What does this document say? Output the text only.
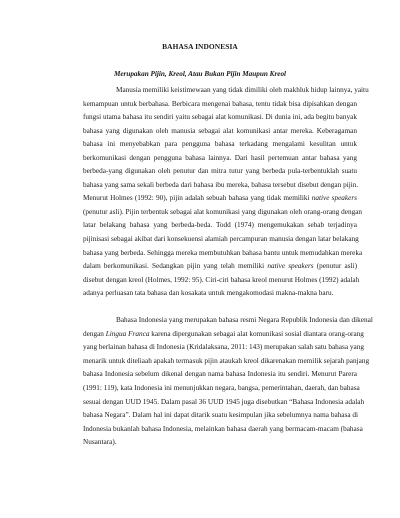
BAHASA INDONESIA
Merupakan Pijin, Kreol, Atau Bukan Pijin Maupun Kreol

Manusia memiliki keistimewaan yang tidak dimiliki oleh makhluk hidup lainnya, yaitu
kemampuan untuk berbahasa. Berbicara mengenai bahasa, tentu tidak bisa dipisahkan dengan
fungsi utama bahasa itu sendiri yaitu sebagai alat komunikasi. Di dunia ini, ada begitu banyak
bahasa yang digunakan oleh manusia sebagai alat komunikasi antar mereka. Keberagaman
bahasa ini menyebabkan para pengguna bahasa terkadang mengalami kesulitan untuk
berkomunikasi dengan pengguna bahasa lainnya. Dari hasil pertemuan antar bahasa yang
berbeda-yang digunakan oleh penutur dan mitra tutur yang berbeda pula-terbentuklah suatu
bahasa yang sama sekali berbeda dari bahasa ibu mereka, bahasa tersebut disebut dengan pijin.
Menurut Holmes (1992: 90), pijin adalah sebuah bahasa yang tidak memiliki native speakers
(penutur asli). Pijin terbentuk sebagai alat komunikasi yang digunakan oleh orang-orang dengan
latar belakang bahasa yang berbeda-beda. Todd (1974) mengemukakan sebab terjadinya
pijinisasi sebagai akibat dari konsekuensi alamiah percampuran manusia dengan latar belakang
bahasa yang berbeda. Sehingga mereka membutuhkan bahasa bantu untuk memudahkan mereka
dalam berkomunikasi. Sedangkan pijin yang telah memiliki native speakers (penutur asli)
disebut dengan kreol (Holmes, 1992: 95). Ciri-ciri bahasa kreol menurut Holmes (1992) adalah
adanya perluasan tata bahasa dan kosakata untuk mengakomodasi makna-makna baru.

Bahasa Indonesia yang merupakan bahasa resmi Negara Republik Indonesia dan dikenal
dengan Lingua Franca karena dipergunakan sebagai alat komunikasi sosial diantara orang-orang
yang berlainan bahasa di Indonesia (Kridalaksana, 2011: 143) merupakan salah satu bahasa yang
menarik untuk diteliaah apakah termasuk pijin ataukah kreol dikarenakan memilik sejarah panjang
bahasa Indonesia sebelum dikenal dengan nama bahasa Indonesia itu sendiri. Menurut Parera
(1991: 119), kata Indonesia ini menunjukkan negara, bangsa, pemerintahan, daerah, dan bahasa
sesuai dengan UUD 1945. Dalam pasal 36 UUD 1945 juga disebutkan “Bahasa Indonesia adalah
bahasa Negara”. Dalam hal ini dapat ditarik suatu kesimpulan jika sebelumnya nama bahasa di
Indonesia bukanlah bahasa Indonesia, melainkan bahasa daerah yang bermacam-macam (bahasa
Nusantara).
